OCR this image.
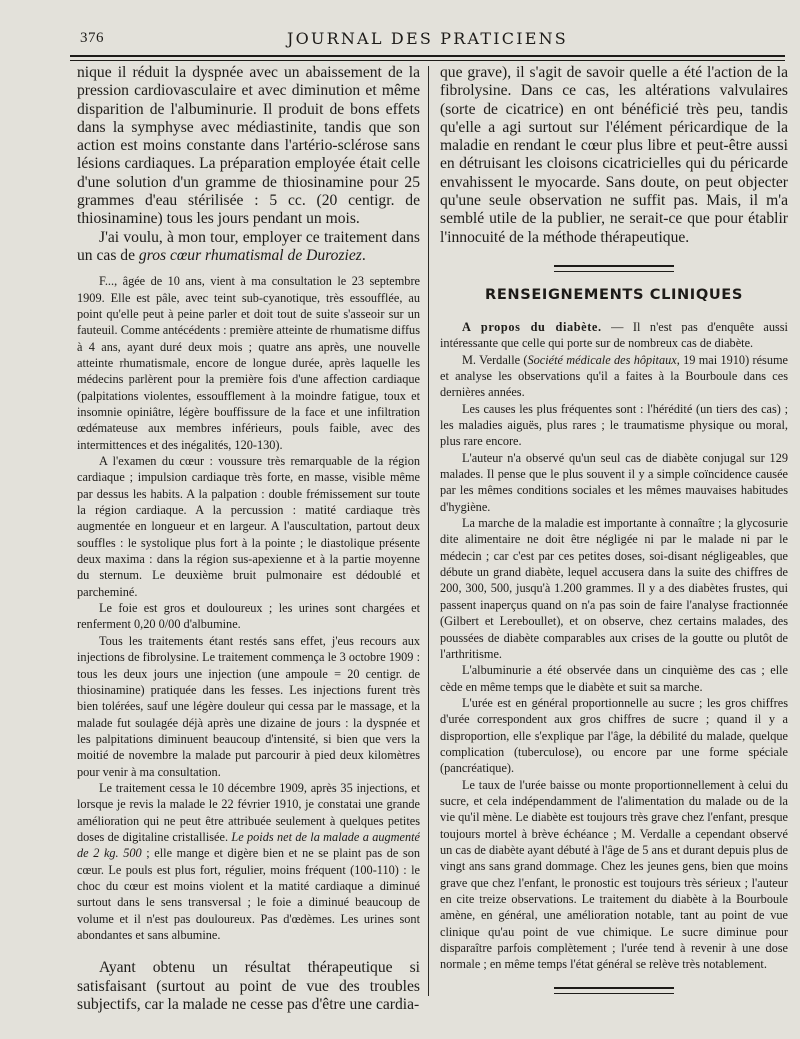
376	JOURNAL DES PRATICIENS

nique il réduit la dyspnée avec un abaissement de la pression cardiovasculaire et avec diminution et même disparition de l'albuminurie. Il produit de bons effets dans la symphyse avec médiastinite, tandis que son action est moins constante dans l'artério-sclérose sans lésions cardiaques. La préparation employée était celle d'une solution d'un gramme de thiosinamine pour 25 grammes d'eau stérilisée : 5 cc. (20 centigr. de thiosinamine) tous les jours pendant un mois.

J'ai voulu, à mon tour, employer ce traitement dans un cas de gros cœur rhumatismal de Duroziez.

F..., âgée de 10 ans, vient à ma consultation le 23 septembre 1909. Elle est pâle, avec teint sub-cyanotique, très essoufflée, au point qu'elle peut à peine parler et doit tout de suite s'asseoir sur un fauteuil. Comme antécédents : première atteinte de rhumatisme diffus à 4 ans, ayant duré deux mois ; quatre ans après, une nouvelle atteinte rhumatismale, encore de longue durée, après laquelle les médecins parlèrent pour la première fois d'une affection cardiaque (palpitations violentes, essoufflement à la moindre fatigue, toux et insomnie opiniâtre, légère bouffissure de la face et une infiltration œdémateuse aux membres inférieurs, pouls faible, avec des intermittences et des inégalités, 120-130).

A l'examen du cœur : voussure très remarquable de la région cardiaque ; impulsion cardiaque très forte, en masse, visible même par dessus les habits. A la palpation : double frémissement sur toute la région cardiaque. A la percussion : matité cardiaque très augmentée en longueur et en largeur. A l'auscultation, partout deux souffles : le systolique plus fort à la pointe ; le diastolique présente deux maxima : dans la région sus-apexienne et à la partie moyenne du sternum. Le deuxième bruit pulmonaire est dédoublé et parcheminé.

Le foie est gros et douloureux ; les urines sont chargées et renferment 0,20 0/00 d'albumine.

Tous les traitements étant restés sans effet, j'eus recours aux injections de fibrolysine. Le traitement commença le 3 octobre 1909 : tous les deux jours une injection (une ampoule = 20 centigr. de thiosinamine) pratiquée dans les fesses. Les injections furent très bien tolérées, sauf une légère douleur qui cessa par le massage, et la malade fut soulagée déjà après une dizaine de jours : la dyspnée et les palpitations diminuent beaucoup d'intensité, si bien que vers la moitié de novembre la malade put parcourir à pied deux kilomètres pour venir à ma consultation.

Le traitement cessa le 10 décembre 1909, après 35 injections, et lorsque je revis la malade le 22 février 1910, je constatai une grande amélioration qui ne peut être attribuée seulement à quelques petites doses de digitaline cristallisée. Le poids net de la malade a augmenté de 2 kg. 500 ; elle mange et digère bien et ne se plaint pas de son cœur. Le pouls est plus fort, régulier, moins fréquent (100-110) : le choc du cœur est moins violent et la matité cardiaque a diminué surtout dans le sens transversal ; le foie a diminué beaucoup de volume et il n'est pas douloureux. Pas d'œdèmes. Les urines sont abondantes et sans albumine.

Ayant obtenu un résultat thérapeutique si satisfaisant (surtout au point de vue des troubles subjectifs, car la malade ne cesse pas d'être une cardia-

que grave), il s'agit de savoir quelle a été l'action de la fibrolysine. Dans ce cas, les altérations valvulaires (sorte de cicatrice) en ont bénéficié très peu, tandis qu'elle a agi surtout sur l'élément péricardique de la maladie en rendant le cœur plus libre et peut-être aussi en détruisant les cloisons cicatricielles qui du péricarde envahissent le myocarde. Sans doute, on peut objecter qu'une seule observation ne suffit pas. Mais, il m'a semblé utile de la publier, ne serait-ce que pour établir l'innocuité de la méthode thérapeutique.

RENSEIGNEMENTS CLINIQUES

A propos du diabète. — Il n'est pas d'enquête aussi intéressante que celle qui porte sur de nombreux cas de diabète.

M. Verdalle (Société médicale des hôpitaux, 19 mai 1910) résume et analyse les observations qu'il a faites à la Bourboule dans ces dernières années.

Les causes les plus fréquentes sont : l'hérédité (un tiers des cas) ; les maladies aiguës, plus rares ; le traumatisme physique ou moral, plus rare encore.

L'auteur n'a observé qu'un seul cas de diabète conjugal sur 129 malades. Il pense que le plus souvent il y a simple coïncidence causée par les mêmes conditions sociales et les mêmes mauvaises habitudes d'hygiène.

La marche de la maladie est importante à connaître ; la glycosurie dite alimentaire ne doit être négligée ni par le malade ni par le médecin ; car c'est par ces petites doses, soi-disant négligeables, que débute un grand diabète, lequel accusera dans la suite des chiffres de 200, 300, 500, jusqu'à 1.200 grammes. Il y a des diabètes frustes, qui passent inaperçus quand on n'a pas soin de faire l'analyse fractionnée (Gilbert et Lereboullet), et on observe, chez certains malades, des poussées de diabète comparables aux crises de la goutte ou plutôt de l'arthritisme.

L'albuminurie a été observée dans un cinquième des cas ; elle cède en même temps que le diabète et suit sa marche.

L'urée est en général proportionnelle au sucre ; les gros chiffres d'urée correspondent aux gros chiffres de sucre ; quand il y a disproportion, elle s'explique par l'âge, la débilité du malade, quelque complication (tuberculose), ou encore par une forme spéciale (pancréatique).

Le taux de l'urée baisse ou monte proportionnellement à celui du sucre, et cela indépendamment de l'alimentation du malade ou de la vie qu'il mène. Le diabète est toujours très grave chez l'enfant, presque toujours mortel à brève échéance ; M. Verdalle a cependant observé un cas de diabète ayant débuté à l'âge de 5 ans et durant depuis plus de vingt ans sans grand dommage. Chez les jeunes gens, bien que moins grave que chez l'enfant, le pronostic est toujours très sérieux ; l'auteur en cite treize observations. Le traitement du diabète à la Bourboule amène, en général, une amélioration notable, tant au point de vue clinique qu'au point de vue chimique. Le sucre diminue pour disparaître parfois complètement ; l'urée tend à revenir à une dose normale ; en même temps l'état général se relève très notablement.
